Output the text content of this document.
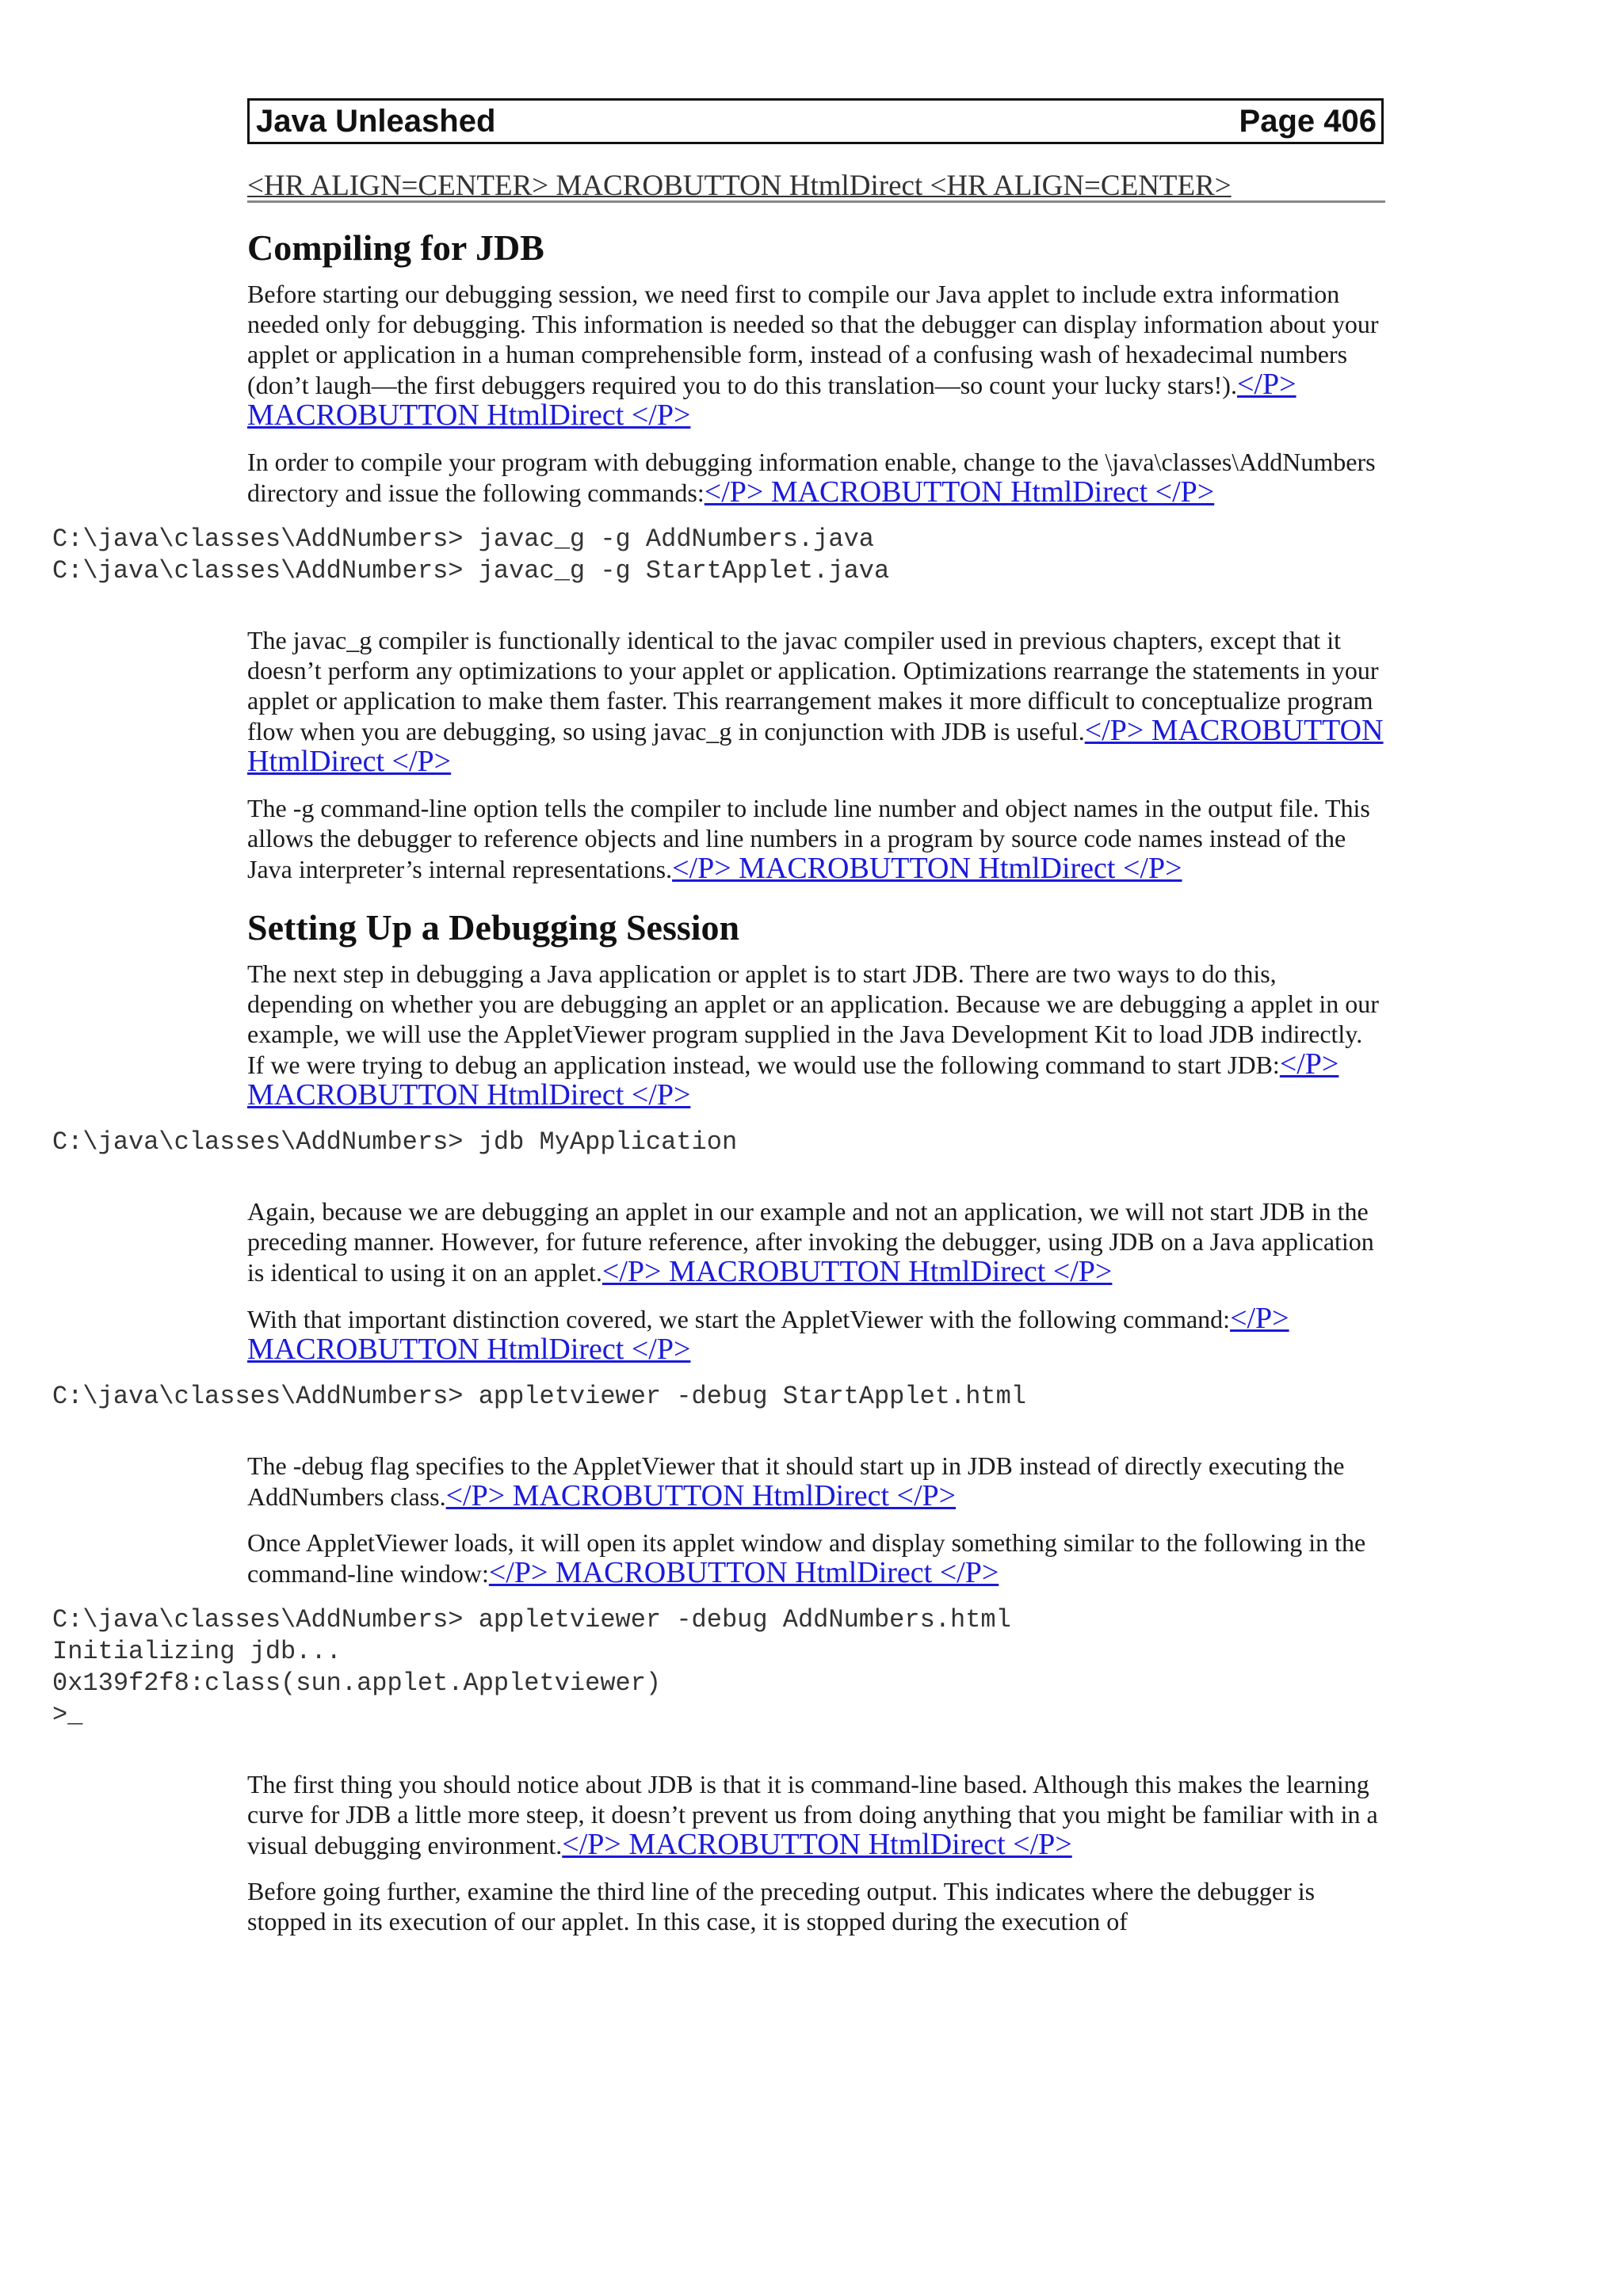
Java Unleashed	Page 406
<HR ALIGN=CENTER> MACROBUTTON HtmlDirect <HR ALIGN=CENTER>
Compiling for JDB

Before starting our debugging session, we need first to compile our Java applet to include extra information needed only for debugging. This information is needed so that the debugger can display information about your applet or application in a human comprehensible form, instead of a confusing wash of hexadecimal numbers (don’t laugh—the first debuggers required you to do this translation—so count your lucky stars!).</P> MACROBUTTON HtmlDirect </P>

In order to compile your program with debugging information enable, change to the \java\classes\AddNumbers directory and issue the following commands:</P> MACROBUTTON HtmlDirect </P>

C:\java\classes\AddNumbers> javac_g -g AddNumbers.java
C:\java\classes\AddNumbers> javac_g -g StartApplet.java

The javac_g compiler is functionally identical to the javac compiler used in previous chapters, except that it doesn’t perform any optimizations to your applet or application. Optimizations rearrange the statements in your applet or application to make them faster. This rearrangement makes it more difficult to conceptualize program flow when you are debugging, so using javac_g in conjunction with JDB is useful.</P> MACROBUTTON HtmlDirect </P>

The -g command-line option tells the compiler to include line number and object names in the output file. This allows the debugger to reference objects and line numbers in a program by source code names instead of the Java interpreter’s internal representations.</P> MACROBUTTON HtmlDirect </P>

Setting Up a Debugging Session

The next step in debugging a Java application or applet is to start JDB. There are two ways to do this, depending on whether you are debugging an applet or an application. Because we are debugging a applet in our example, we will use the AppletViewer program supplied in the Java Development Kit to load JDB indirectly. If we were trying to debug an application instead, we would use the following command to start JDB:</P> MACROBUTTON HtmlDirect </P>

C:\java\classes\AddNumbers> jdb MyApplication

Again, because we are debugging an applet in our example and not an application, we will not start JDB in the preceding manner. However, for future reference, after invoking the debugger, using JDB on a Java application is identical to using it on an applet.</P> MACROBUTTON HtmlDirect </P>

With that important distinction covered, we start the AppletViewer with the following command:</P> MACROBUTTON HtmlDirect </P>

C:\java\classes\AddNumbers> appletviewer -debug StartApplet.html

The -debug flag specifies to the AppletViewer that it should start up in JDB instead of directly executing the AddNumbers class.</P> MACROBUTTON HtmlDirect </P>

Once AppletViewer loads, it will open its applet window and display something similar to the following in the command-line window:</P> MACROBUTTON HtmlDirect </P>

C:\java\classes\AddNumbers> appletviewer -debug AddNumbers.html
Initializing jdb...
0x139f2f8:class(sun.applet.Appletviewer)
>_

The first thing you should notice about JDB is that it is command-line based. Although this makes the learning curve for JDB a little more steep, it doesn’t prevent us from doing anything that you might be familiar with in a visual debugging environment.</P> MACROBUTTON HtmlDirect </P>

Before going further, examine the third line of the preceding output. This indicates where the debugger is stopped in its execution of our applet. In this case, it is stopped during the execution of
